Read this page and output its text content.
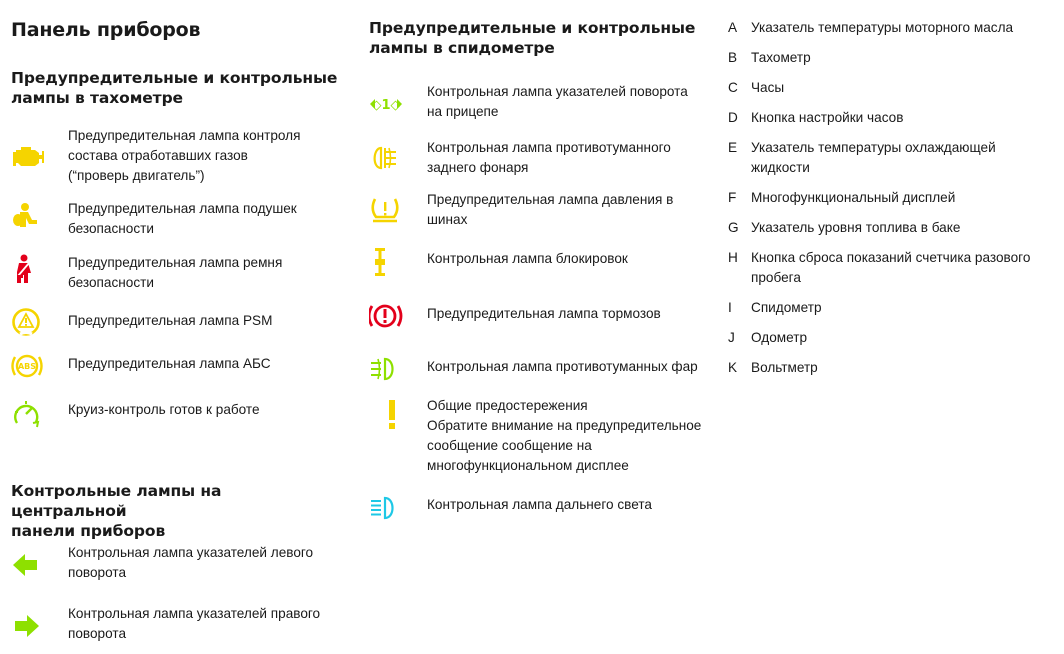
Панель приборов
Предупредительные и контрольные
лампы в тахометре
Предупредительная лампа контроля
состава отработавших газов
(“проверь двигатель”)
Предупредительная лампа подушек
безопасности
Предупредительная лампа ремня
безопасности
Предупредительная лампа PSM
ABS Предупредительная лампа АБС
Круиз-контроль готов к работе
Контрольные лампы на центральной
панели приборов
Контрольная лампа указателей левого
поворота
Контрольная лампа указателей правого
поворота
Предупредительные и контрольные
лампы в спидометре
◇1◇
Контрольная лампа указателей поворота
на прицепе
Контрольная лампа противотуманного
заднего фонаря
Предупредительная лампа давления в
шинах
Контрольная лампа блокировок
Предупредительная лампа тормозов
Контрольная лампа противотуманных фар
Общие предостережения
Обратите внимание на предупредительное
сообщение сообщение на
многофункциональном дисплее
Контрольная лампа дальнего света
A	Указатель температуры моторного масла
B	Тахометр
C Часы
D Кнопка настройки часов
E	Указатель температуры охлаждающей
жидкости
F	Многофункциональный дисплей
G Указатель уровня топлива в баке
H Кнопка сброса показаний счетчика разового
пробега
I	Спидометр
J	Одометр
K	Вольтметр
